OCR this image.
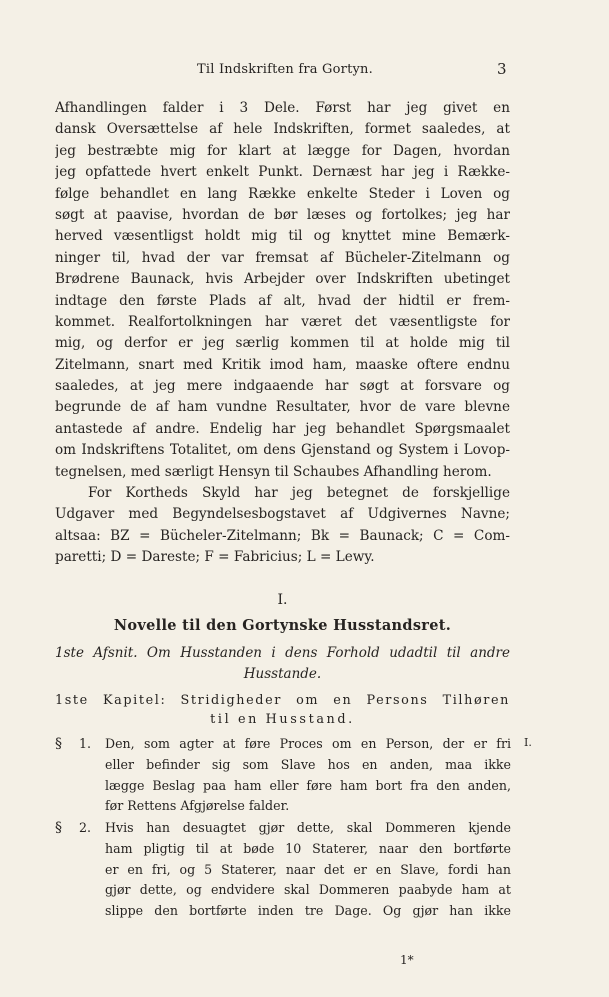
Til Indskriften fra Gortyn.	3
Afhandlingen falder i 3 Dele. Først har jeg givet en
dansk Oversættelse af hele Indskriften, formet saaledes, at
jeg bestræbte mig for klart at lægge for Dagen, hvordan
jeg opfattede hvert enkelt Punkt. Dernæst har jeg i Række-
følge behandlet en lang Række enkelte Steder i Loven og
søgt at paavise, hvordan de bør læses og fortolkes; jeg har
herved væsentligst holdt mig til og knyttet mine Bemærk-
ninger til, hvad der var fremsat af Bücheler-Zitelmann og
Brødrene Baunack, hvis Arbejder over Indskriften ubetinget
indtage den første Plads af alt, hvad der hidtil er frem-
kommet. Realfortolkningen har været det væsentligste for
mig, og derfor er jeg særlig kommen til at holde mig til
Zitelmann, snart med Kritik imod ham, maaske oftere endnu
saaledes, at jeg mere indgaaende har søgt at forsvare og
begrunde de af ham vundne Resultater, hvor de vare blevne
antastede af andre. Endelig har jeg behandlet Spørgsmaalet
om Indskriftens Totalitet, om dens Gjenstand og System i Lovop-
tegnelsen, med særligt Hensyn til Schaubes Afhandling herom.
For Kortheds Skyld har jeg betegnet de forskjellige
Udgaver med Begyndelsesbogstavet af Udgivernes Navne;
altsaa: BZ = Bücheler-Zitelmann; Bk = Baunack; C = Com-
paretti; D = Dareste; F = Fabricius; L = Lewy.
I.
Novelle til den Gortynske Husstandsret.
1ste Afsnit. Om Husstanden i dens Forhold udadtil til andre
Husstande.
1ste Kapitel: Stridigheder om en Persons Tilhøren
til en Husstand.
§ 1. Den, som agter at føre Proces om en Person, der er fri
eller befinder sig som Slave hos en anden, maa ikke
lægge Beslag paa ham eller føre ham bort fra den anden,
før Rettens Afgjørelse falder.
I.
§ 2. Hvis han desuagtet gjør dette, skal Dommeren kjende
ham pligtig til at bøde 10 Staterer, naar den bortførte
er en fri, og 5 Staterer, naar det er en Slave, fordi han
gjør dette, og endvidere skal Dommeren paabyde ham at
slippe den bortførte inden tre Dage. Og gjør han ikke
1*
